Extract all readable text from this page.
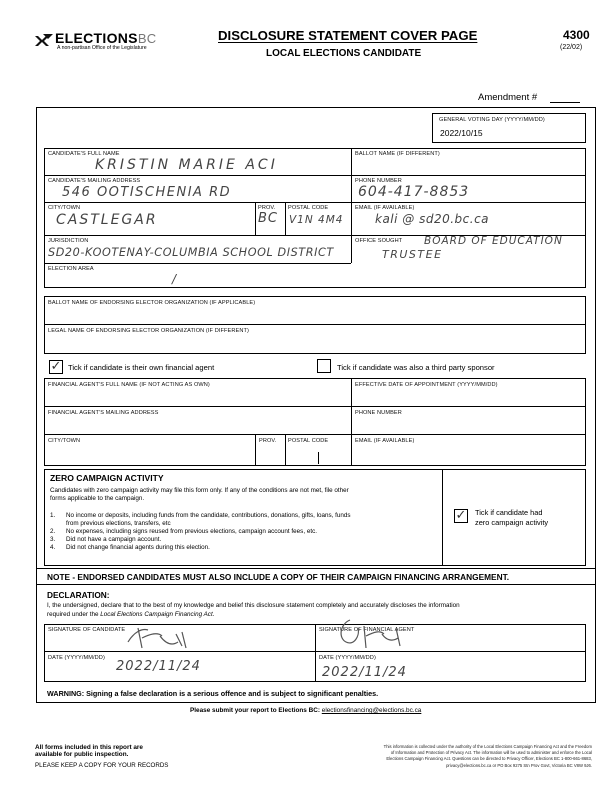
ELECTIONSBC
A non-partisan Office of the Legislature
DISCLOSURE STATEMENT COVER PAGE
LOCAL ELECTIONS CANDIDATE
4300
(22/02)
Amendment #
GENERAL VOTING DAY (YYYY/MM/DD)
2022/10/15
CANDIDATE'S FULL NAME
KRISTIN MARIE ACI
BALLOT NAME (IF DIFFERENT)
CANDIDATE'S MAILING ADDRESS
546 OOTISCHENIA RD
PHONE NUMBER
604-417-8853
CITY/TOWN
CASTLEGAR
PROV.
BC
POSTAL CODE
V1N 4M4
EMAIL (IF AVAILABLE)
kali @ sd20.bc.ca
JURISDICTION
SD20-KOOTENAY-COLUMBIA SCHOOL DISTRICT
OFFICE SOUGHT BOARD OF EDUCATION
TRUSTEE
ELECTION AREA
/
BALLOT NAME OF ENDORSING ELECTOR ORGANIZATION (IF APPLICABLE)
LEGAL NAME OF ENDORSING ELECTOR ORGANIZATION (IF DIFFERENT)
✓ Tick if candidate is their own financial agent	Tick if candidate was also a third party sponsor
FINANCIAL AGENT'S FULL NAME (IF NOT ACTING AS OWN)	EFFECTIVE DATE OF APPOINTMENT (YYYY/MM/DD)
FINANCIAL AGENT'S MAILING ADDRESS	PHONE NUMBER
CITY/TOWN	PROV. POSTAL CODE	EMAIL (IF AVAILABLE)
ZERO CAMPAIGN ACTIVITY
Candidates with zero campaign activity may file this form only. If any of the conditions are not met, file other
forms applicable to the campaign.
1. No income or deposits, including funds from the candidate, contributions, donations, gifts, loans, funds
from previous elections, transfers, etc
2. No expenses, including signs reused from previous elections, campaign account fees, etc.
3. Did not have a campaign account.
4. Did not change financial agents during this election.
✓ Tick if candidate had
zero campaign activity
NOTE - ENDORSED CANDIDATES MUST ALSO INCLUDE A COPY OF THEIR CAMPAIGN FINANCING ARRANGEMENT.
DECLARATION:
I, the undersigned, declare that to the best of my knowledge and belief this disclosure statement completely and accurately discloses the information
required under the Local Elections Campaign Financing Act.
SIGNATURE OF CANDIDATE	SIGNATURE OF FINANCIAL AGENT
DATE (YYYY/MM/DD)
2022/11/24
DATE (YYYY/MM/DD)
2022/11/24
WARNING: Signing a false declaration is a serious offence and is subject to significant penalties.
Please submit your report to Elections BC: electionsfinancing@elections.bc.ca
All forms included in this report are
available for public inspection.
PLEASE KEEP A COPY FOR YOUR RECORDS
This information is collected under the authority of the Local Elections Campaign Financing Act and the Freedom
of Information and Protection of Privacy Act. The information will be used to administer and enforce the Local
Elections Campaign Financing Act. Questions can be directed to Privacy Officer, Elections BC 1-800-661-8683,
privacy@elections.bc.ca or PO Box 9275 Stn Prov Govt, Victoria BC V8W 9J6.
